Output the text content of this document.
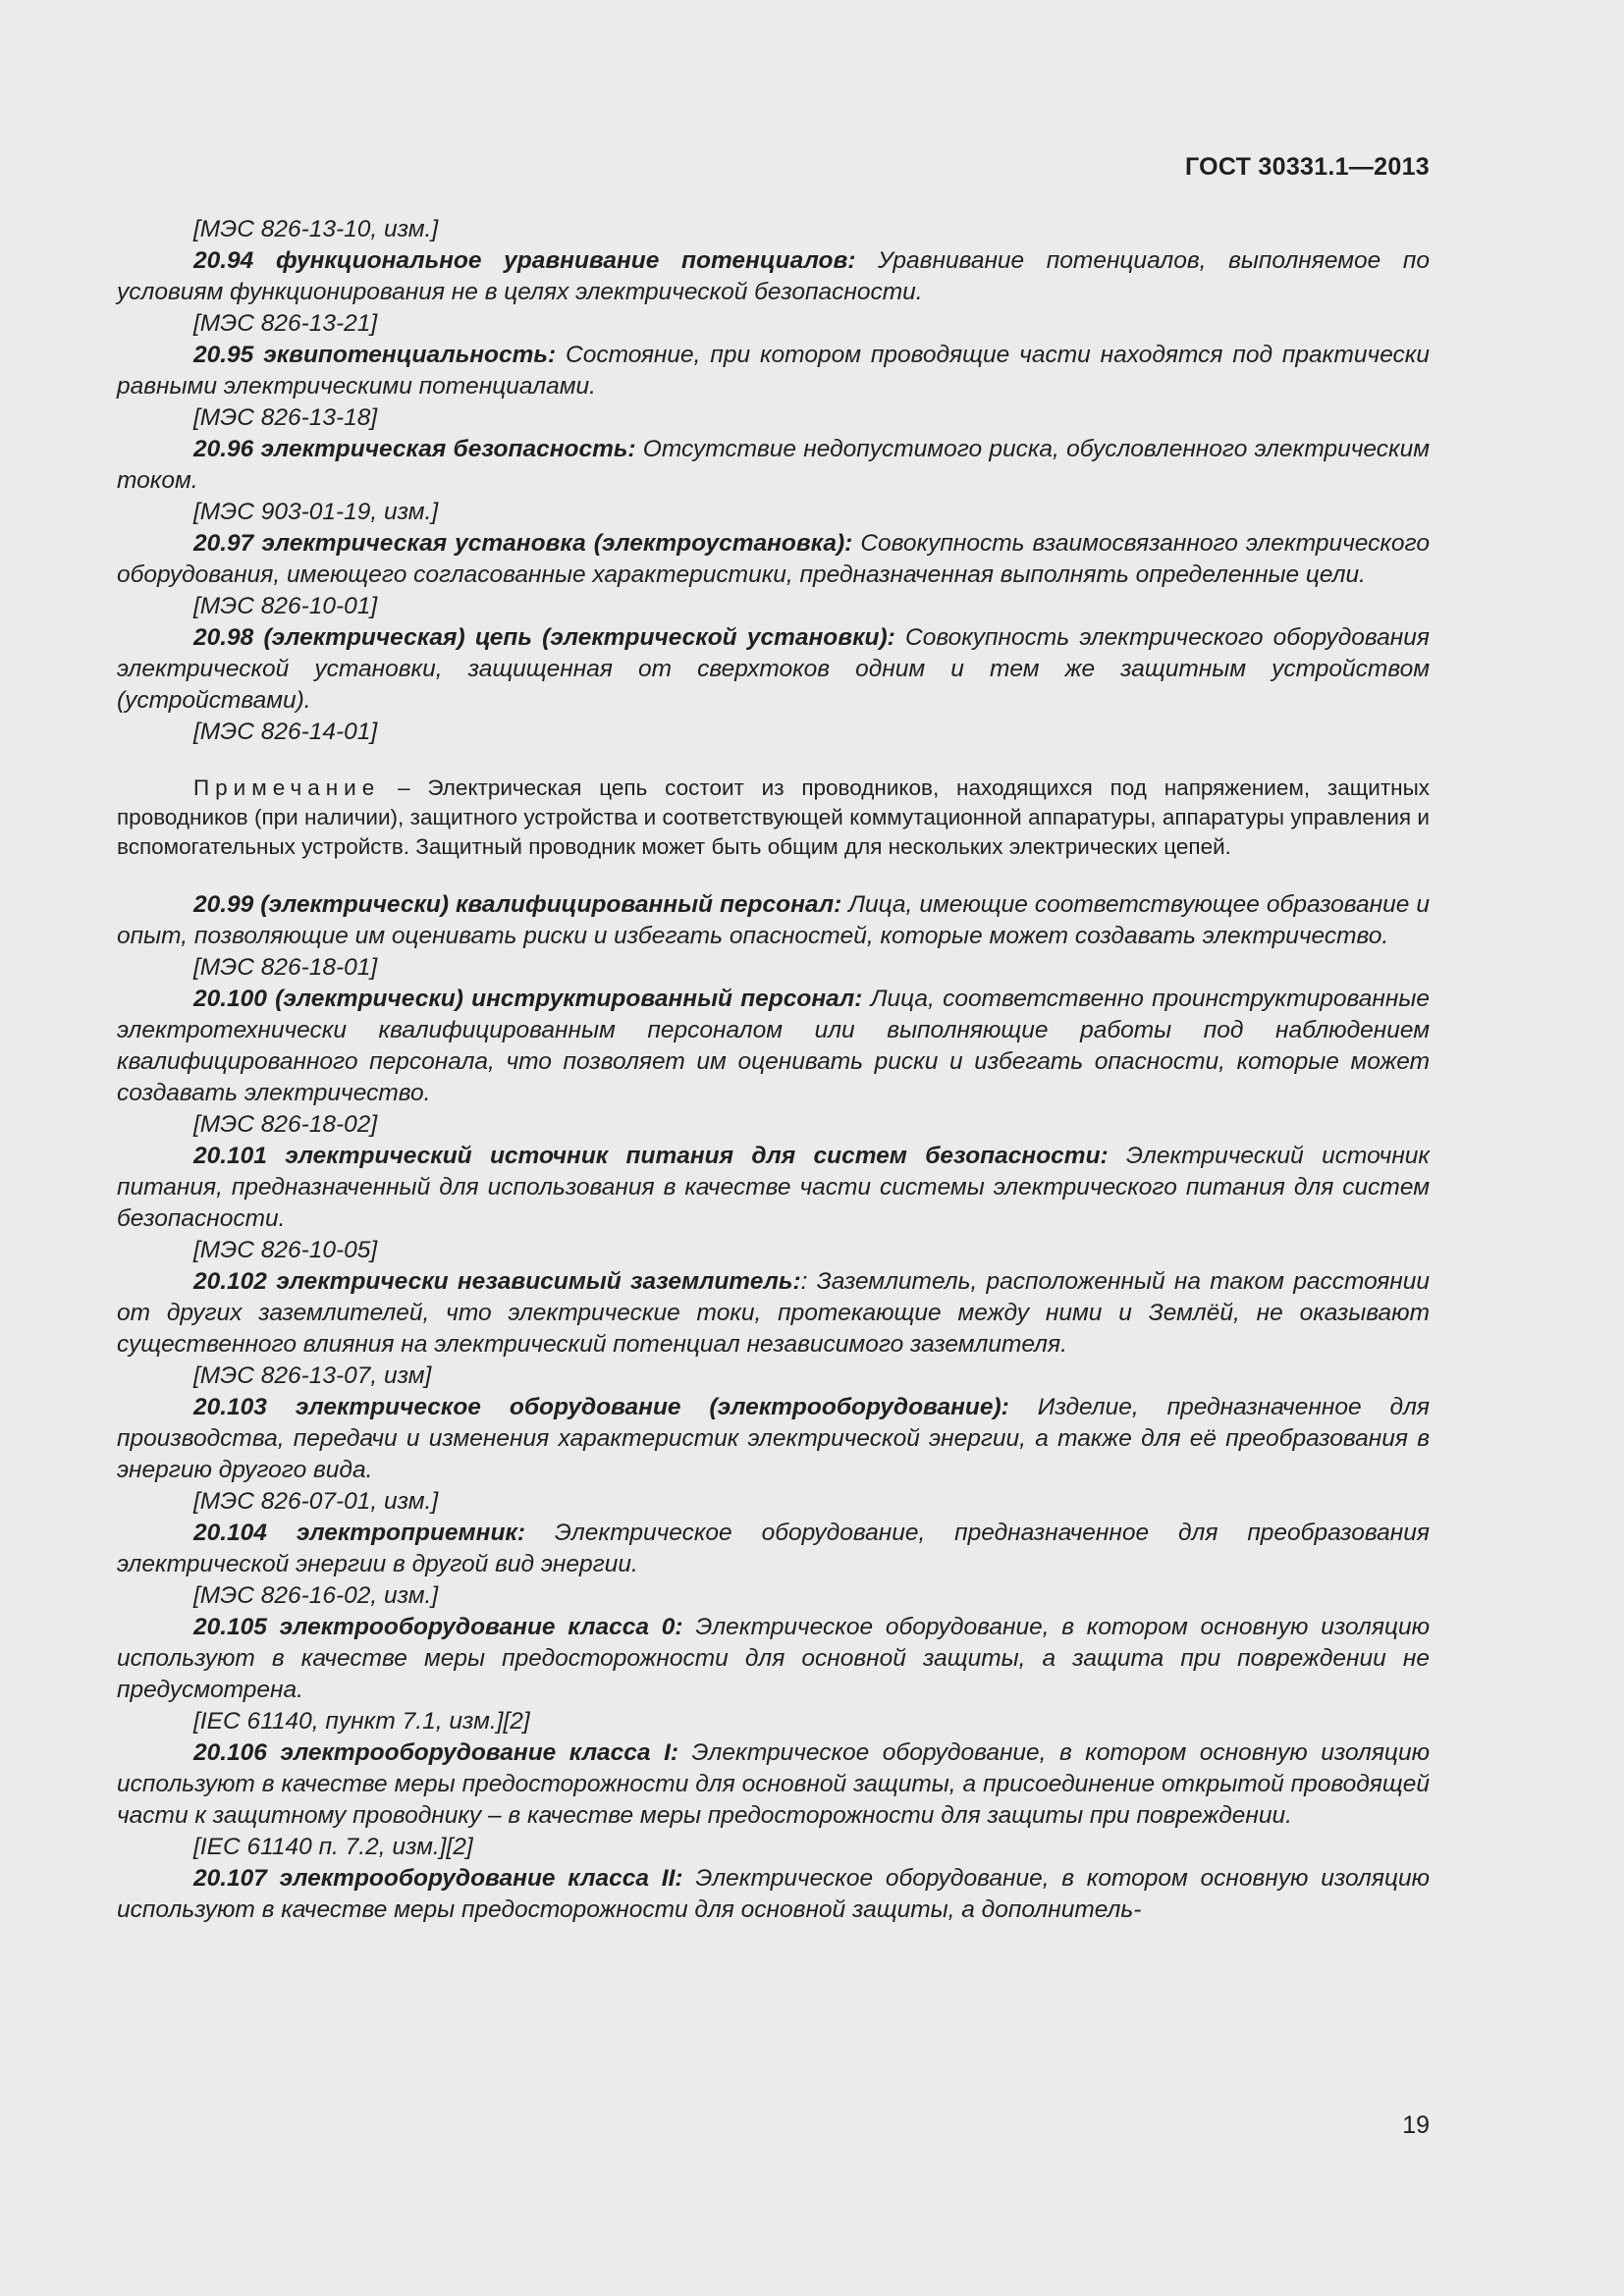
ГОСТ 30331.1—2013
[МЭС 826-13-10, изм.]

20.94 функциональное уравнивание потенциалов: Уравнивание потенциалов, выполняемое по условиям функционирования не в целях электрической безопасности.

[МЭС 826-13-21]

20.95 эквипотенциальность: Состояние, при котором проводящие части находятся под практически равными электрическими потенциалами.

[МЭС 826-13-18]

20.96 электрическая безопасность: Отсутствие недопустимого риска, обусловленного электрическим током.

[МЭС 903-01-19, изм.]

20.97 электрическая установка (электроустановка): Совокупность взаимосвязанного электрического оборудования, имеющего согласованные характеристики, предназначенная выполнять определенные цели.

[МЭС 826-10-01]

20.98 (электрическая) цепь (электрической установки): Совокупность электрического оборудования электрической установки, защищенная от сверхтоков одним и тем же защитным устройством (устройствами).

[МЭС 826-14-01]

Примечание – Электрическая цепь состоит из проводников, находящихся под напряжением, защитных проводников (при наличии), защитного устройства и соответствующей коммутационной аппаратуры, аппаратуры управления и вспомогательных устройств. Защитный проводник может быть общим для нескольких электрических цепей.

20.99 (электрически) квалифицированный персонал: Лица, имеющие соответствующее образование и опыт, позволяющие им оценивать риски и избегать опасностей, которые может создавать электричество.

[МЭС 826-18-01]

20.100 (электрически) инструктированный персонал: Лица, соответственно проинструктированные электротехнически квалифицированным персоналом или выполняющие работы под наблюдением квалифицированного персонала, что позволяет им оценивать риски и избегать опасности, которые может создавать электричество.

[МЭС 826-18-02]

20.101 электрический источник питания для систем безопасности: Электрический источник питания, предназначенный для использования в качестве части системы электрического питания для систем безопасности.

[МЭС 826-10-05]

20.102 электрически независимый заземлитель:: Заземлитель, расположенный на таком расстоянии от других заземлителей, что электрические токи, протекающие между ними и Землёй, не оказывают существенного влияния на электрический потенциал независимого заземлителя.

[МЭС 826-13-07, изм]

20.103 электрическое оборудование (электрооборудование): Изделие, предназначенное для производства, передачи и изменения характеристик электрической энергии, а также для её преобразования в энергию другого вида.

[МЭС 826-07-01, изм.]

20.104 электроприемник: Электрическое оборудование, предназначенное для преобразования электрической энергии в другой вид энергии.

[МЭС 826-16-02, изм.]

20.105 электрооборудование класса 0: Электрическое оборудование, в котором основную изоляцию используют в качестве меры предосторожности для основной защиты, а защита при повреждении не предусмотрена.

[IEC 61140, пункт 7.1, изм.][2]

20.106 электрооборудование класса I: Электрическое оборудование, в котором основную изоляцию используют в качестве меры предосторожности для основной защиты, а присоединение открытой проводящей части к защитному проводнику – в качестве меры предосторожности для защиты при повреждении.

[IEC 61140 п. 7.2, изм.][2]

20.107 электрооборудование класса II: Электрическое оборудование, в котором основную изоляцию используют в качестве меры предосторожности для основной защиты, а дополнитель-

19
